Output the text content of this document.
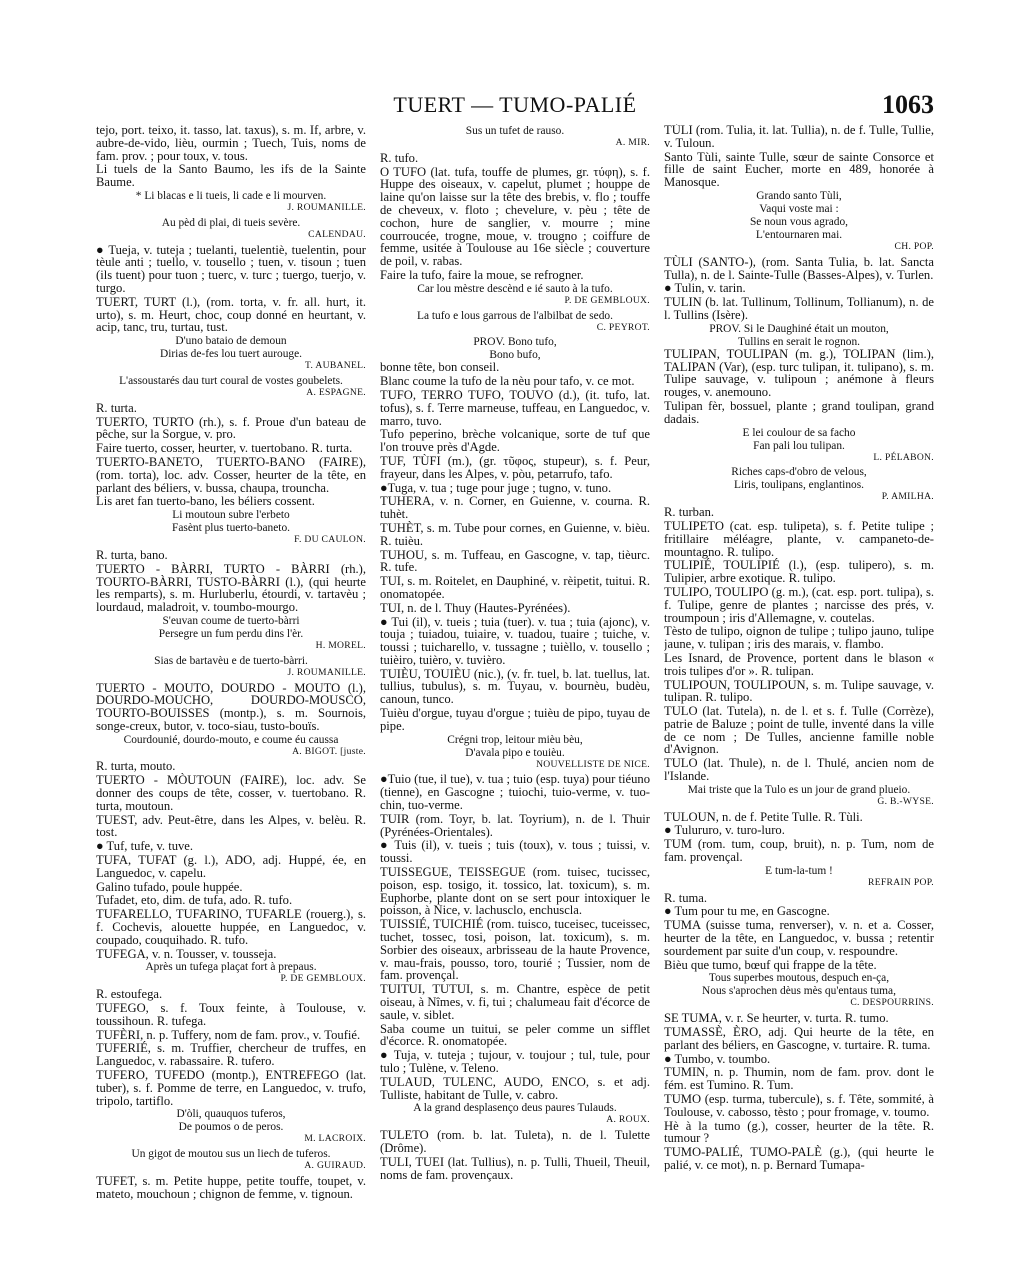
TUERT — TUMO-PALIÉ	1063

tejo, port. teixo, it. tasso, lat. taxus), s. m. If, arbre, v. aubre-de-vido, lièu, ourmin ; Tuech, Tuis, noms de fam. prov. ; pour toux, v. tous.

Li tuels de la Santo Baumo, les ifs de la Sainte Baume.

* Li blacas e li tueis, li cade e li mourven.

J. ROUMANILLE.

Au pèd di plai, di tueis sevère.

CALENDAU.

● Tueja, v. tuteja ; tuelanti, tuelentiè, tuelentin, pour tèule anti ; tuello, v. tousello ; tuen, v. tisoun ; tuen (ils tuent) pour tuon ; tuerc, v. turc ; tuergo, tuerjo, v. turgo.

TUERT, TURT (l.), (rom. torta, v. fr. all. hurt, it. urto), s. m. Heurt, choc, coup donné en heurtant, v. acip, tanc, tru, turtau, tust.

D'uno bataio de demoun

Dirias de-fes lou tuert aurouge.

T. AUBANEL.

L'assoustarés dau turt coural de vostes goubelets.

A. ESPAGNE.

R. turta.

TUERTO, TURTO (rh.), s. f. Proue d'un bateau de pêche, sur la Sorgue, v. pro.

Faire tuerto, cosser, heurter, v. tuertobano. R. turta.

TUERTO-BANETO, TUERTO-BANO (FAIRE), (rom. torta), loc. adv. Cosser, heurter de la tête, en parlant des béliers, v. bussa, chaupa, trouncha.

Lis aret fan tuerto-bano, les béliers cossent.

Li moutoun subre l'erbeto

Fasènt plus tuerto-baneto.

F. DU CAULON.

R. turta, bano.

TUERTO - BÀRRI, TURTO - BÀRRI (rh.), TOURTO-BÀRRI, TUSTO-BÀRRI (l.), (qui heurte les remparts), s. m. Hurluberlu, étourdi, v. tartavèu ; lourdaud, maladroit, v. toumbo-mourgo.

S'euvan coume de tuerto-bàrri

Persegre un fum perdu dins l'èr.

H. MOREL.

Sias de bartavèu e de tuerto-bàrri.

J. ROUMANILLE.

TUERTO - MOUTO, DOURDO - MOUTO (l.), DOURDO-MOUCHO, DOURDO-MOUSCO, TOURTO-BOUISSES (montp.), s. m. Sournois, songe-creux, butor, v. toco-siau, tusto-bouïs.

Courdounié, dourdo-mouto, e coume éu caussa

A. BIGOT. [juste.

R. turta, mouto.

TUERTO - MÒUTOUN (FAIRE), loc. adv. Se donner des coups de tête, cosser, v. tuertobano. R. turta, moutoun.

TUEST, adv. Peut-être, dans les Alpes, v. belèu. R. tost.

● Tuf, tufe, v. tuve.

TUFA, TUFAT (g. l.), ADO, adj. Huppé, ée, en Languedoc, v. capelu.

Galino tufado, poule huppée.

Tufadet, eto, dim. de tufa, ado. R. tufo.

TUFARELLO, TUFARINO, TUFARLE (rouerg.), s. f. Cochevis, alouette huppée, en Languedoc, v. coupado, couquihado. R. tufo.

TUFEGA, v. n. Tousser, v. tousseja.

Après un tufega plaçat fort à prepaus.

P. DE GEMBLOUX.

R. estoufega.

TUFEGO, s. f. Toux feinte, à Toulouse, v. toussihoun. R. tufega.

TUFÈRI, n. p. Tuffery, nom de fam. prov., v. Toufié.

TUFERIÉ, s. m. Truffier, chercheur de truffes, en Languedoc, v. rabassaire. R. tufero.

TUFERO, TUFEDO (montp.), ENTREFEGO (lat. tuber), s. f. Pomme de terre, en Languedoc, v. trufo, tripolo, tartiflo.

D'òli, quauquos tuferos,

De poumos o de peros.

M. LACROIX.

Un gigot de moutou sus un liech de tuferos.

A. GUIRAUD.

TUFET, s. m. Petite huppe, petite touffe, toupet, v. mateto, mouchoun ; chignon de femme, v. tignoun.

Sus un tufet de rauso.

A. MIR.

R. tufo.

O TUFO (lat. tufa, touffe de plumes, gr. τύφη), s. f. Huppe des oiseaux, v. capelut, plumet ; houppe de laine qu'on laisse sur la tête des brebis, v. flo ; touffe de cheveux, v. floto ; chevelure, v. pèu ; tête de cochon, hure de sanglier, v. mourre ; mine courroucée, trogne, moue, v. trougno ; coiffure de femme, usitée à Toulouse au 16e siècle ; couverture de poil, v. rabas.

Faire la tufo, faire la moue, se refrogner.

Car lou mèstre descènd e ié sauto à la tufo.

P. DE GEMBLOUX.

La tufo e lous garrous de l'albilbat de sedo.

C. PEYROT.

PROV. Bono tufo,

Bono bufo,

bonne tête, bon conseil.

Blanc coume la tufo de la nèu pour tafo, v. ce mot.

TUFO, TERRO TUFO, TOUVO (d.), (it. tufo, lat. tofus), s. f. Terre marneuse, tuffeau, en Languedoc, v. marro, tuvo.

Tufo peperino, brèche volcanique, sorte de tuf que l'on trouve près d'Agde.

TUF, TÙFI (m.), (gr. τῦφος, stupeur), s. f. Peur, frayeur, dans les Alpes, v. pòu, petarrufo, tafo.

●Tuga, v. tua ; tuge pour juge ; tugno, v. tuno.

TUHERA, v. n. Corner, en Guienne, v. courna. R. tuhèt.

TUHÈT, s. m. Tube pour cornes, en Guienne, v. bièu. R. tuièu.

TUHOU, s. m. Tuffeau, en Gascogne, v. tap, tièurc. R. tufe.

TUI, s. m. Roitelet, en Dauphiné, v. rèipetit, tuitui. R. onomatopée.

TUI, n. de l. Thuy (Hautes-Pyrénées).

● Tui (il), v. tueis ; tuia (tuer). v. tua ; tuia (ajonc), v. touja ; tuiadou, tuiaire, v. tuadou, tuaire ; tuiche, v. toussi ; tuicharello, v. tussagne ; tuièllo, v. tousello ; tuièiro, tuièro, v. tuvièro.

TUIÈU, TOUIÈU (nic.), (v. fr. tuel, b. lat. tuellus, lat. tullius, tubulus), s. m. Tuyau, v. bournèu, budèu, canoun, tunco.

Tuièu d'orgue, tuyau d'orgue ; tuièu de pipo, tuyau de pipe.

Crégni trop, leitour mièu bèu,

D'avala pipo e touièu.

NOUVELLISTE DE NICE.

●Tuio (tue, il tue), v. tua ; tuio (esp. tuya) pour tiéuno (tienne), en Gascogne ; tuiochi, tuio-verme, v. tuo-chin, tuo-verme.

TUIR (rom. Toyr, b. lat. Toyrium), n. de l. Thuir (Pyrénées-Orientales).

● Tuis (il), v. tueis ; tuis (toux), v. tous ; tuissi, v. toussi.

TUISSEGUE, TEISSEGUE (rom. tuisec, tucissec, poison, esp. tosigo, it. tossico, lat. toxicum), s. m. Euphorbe, plante dont on se sert pour intoxiquer le poisson, à Nice, v. lachusclo, enchuscla.

TUISSIÉ, TUICHIÉ (rom. tuisco, tuceisec, tuceissec, tuchet, tossec, tosi, poison, lat. toxicum), s. m. Sorbier des oiseaux, arbrisseau de la haute Provence, v. mau-frais, pousso, toro, tourié ; Tussier, nom de fam. provençal.

TUITUI, TUTUI, s. m. Chantre, espèce de petit oiseau, à Nîmes, v. fi, tui ; chalumeau fait d'écorce de saule, v. siblet.

Saba coume un tuitui, se peler comme un sifflet d'écorce. R. onomatopée.

● Tuja, v. tuteja ; tujour, v. toujour ; tul, tule, pour tulo ; Tulène, v. Teleno.

TULAUD, TULENC, AUDO, ENCO, s. et adj. Tulliste, habitant de Tulle, v. cabro.

A la grand desplasenço deus paures Tulauds.

A. ROUX.

TULETO (rom. b. lat. Tuleta), n. de l. Tulette (Drôme).

TULI, TUEI (lat. Tullius), n. p. Tulli, Thueil, Theuil, noms de fam. provençaux.

TÙLI (rom. Tulia, it. lat. Tullia), n. de f. Tulle, Tullie, v. Tuloun.

Santo Tùli, sainte Tulle, sœur de sainte Consorce et fille de saint Eucher, morte en 489, honorée à Manosque.

Grando santo Tùli,

Vaqui voste mai :

Se noun vous agrado,

L'entournaren mai.

CH. POP.

TÙLI (SANTO-), (rom. Santa Tulia, b. lat. Sancta Tulla), n. de l. Sainte-Tulle (Basses-Alpes), v. Turlen.

● Tulin, v. tarin.

TULIN (b. lat. Tullinum, Tollinum, Tollianum), n. de l. Tullins (Isère).

PROV. Si le Daughiné était un mouton,

Tullins en serait le rognon.

TULIPAN, TOULIPAN (m. g.), TOLIPAN (lim.), TALIPAN (Var), (esp. turc tulipan, it. tulipano), s. m. Tulipe sauvage, v. tulipoun ; anémone à fleurs rouges, v. anemouno.

Tulipan fèr, bossuel, plante ; grand toulipan, grand dadais.

E lei coulour de sa facho

Fan pali lou tulipan.

L. PÉLABON.

Riches caps-d'obro de velous,

Liris, toulipans, englantinos.

P. AMILHA.

R. turban.

TULIPETO (cat. esp. tulipeta), s. f. Petite tulipe ; fritillaire méléagre, plante, v. campaneto-de-mountagno. R. tulipo.

TULIPIÉ, TOULIPIÉ (l.), (esp. tulipero), s. m. Tulipier, arbre exotique. R. tulipo.

TULIPO, TOULIPO (g. m.), (cat. esp. port. tulipa), s. f. Tulipe, genre de plantes ; narcisse des prés, v. troumpoun ; iris d'Allemagne, v. coutelas.

Tèsto de tulipo, oignon de tulipe ; tulipo jauno, tulipe jaune, v. tulipan ; iris des marais, v. flambo.

Les Isnard, de Provence, portent dans le blason « trois tulipes d'or ». R. tulipan.

TULIPOUN, TOULIPOUN, s. m. Tulipe sauvage, v. tulipan. R. tulipo.

TULO (lat. Tutela), n. de l. et s. f. Tulle (Corrèze), patrie de Baluze ; point de tulle, inventé dans la ville de ce nom ; De Tulles, ancienne famille noble d'Avignon.

TULO (lat. Thule), n. de l. Thulé, ancien nom de l'Islande.

Mai triste que la Tulo es un jour de grand plueio.

G. B.-WYSE.

TULOUN, n. de f. Petite Tulle. R. Tùli.

● Tulururo, v. turo-luro.

TUM (rom. tum, coup, bruit), n. p. Tum, nom de fam. provençal.

E tum-la-tum !

REFRAIN POP.

R. tuma.

● Tum pour tu me, en Gascogne.

TUMA (suisse tuma, renverser), v. n. et a. Cosser, heurter de la tête, en Languedoc, v. bussa ; retentir sourdement par suite d'un coup, v. respoundre.

Bièu que tumo, bœuf qui frappe de la tête.

Tous superbes moutous, despuch en-ça,

Nous s'aprochen dèus mès qu'entaus tuma,

C. DESPOURRINS.

SE TUMA, v. r. Se heurter, v. turta. R. tumo.

TUMASSÈ, ÈRO, adj. Qui heurte de la tête, en parlant des béliers, en Gascogne, v. turtaire. R. tuma.

● Tumbo, v. toumbo.

TUMIN, n. p. Thumin, nom de fam. prov. dont le fém. est Tumino. R. Tum.

TUMO (esp. turma, tubercule), s. f. Tête, sommité, à Toulouse, v. cabosso, tèsto ; pour fromage, v. toumo.

Hè à la tumo (g.), cosser, heurter de la tête. R. tumour ?

TUMO-PALIÉ, TUMO-PALÈ (g.), (qui heurte le palié, v. ce mot), n. p. Bernard Tumapa-
